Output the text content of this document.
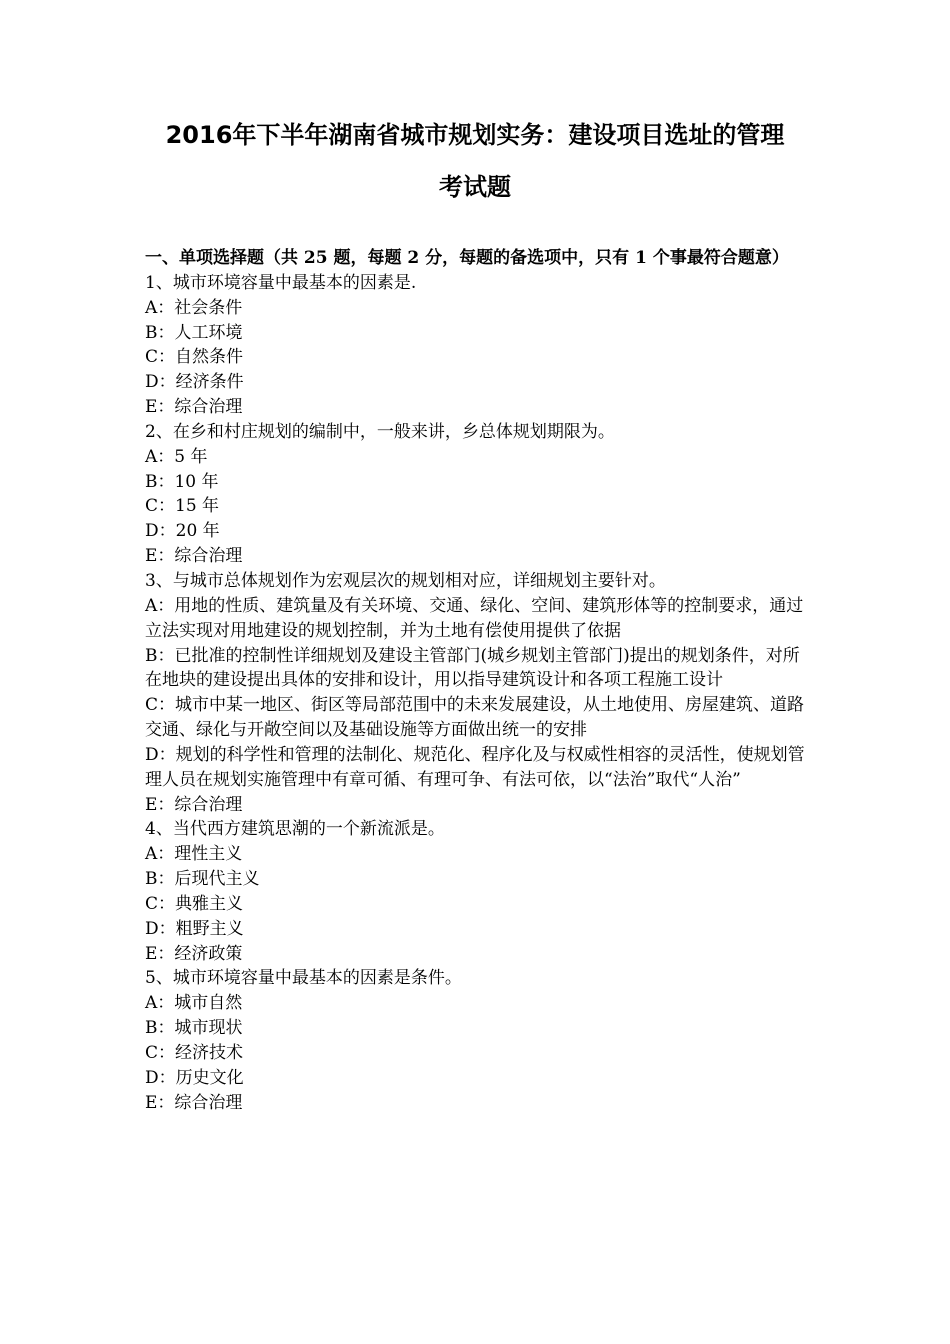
2016年下半年湖南省城市规划实务：建设项目选址的管理
考试题

一、单项选择题（共 25 题，每题 2 分，每题的备选项中，只有 1 个事最符合题意）

1、城市环境容量中最基本的因素是.

A：社会条件

B：人工环境

C：自然条件

D：经济条件

E：综合治理

2、在乡和村庄规划的编制中，一般来讲，乡总体规划期限为。

A：5 年

B：10 年

C：15 年

D：20 年

E：综合治理

3、与城市总体规划作为宏观层次的规划相对应，详细规划主要针对。

A：用地的性质、建筑量及有关环境、交通、绿化、空间、建筑形体等的控制要求，通过立法实现对用地建设的规划控制，并为土地有偿使用提供了依据

B：已批准的控制性详细规划及建设主管部门(城乡规划主管部门)提出的规划条件，对所在地块的建设提出具体的安排和设计，用以指导建筑设计和各项工程施工设计

C：城市中某一地区、街区等局部范围中的未来发展建设，从土地使用、房屋建筑、道路交通、绿化与开敞空间以及基础设施等方面做出统一的安排

D：规划的科学性和管理的法制化、规范化、程序化及与权威性相容的灵活性，使规划管理人员在规划实施管理中有章可循、有理可争、有法可依，以“法治”取代“人治”

E：综合治理

4、当代西方建筑思潮的一个新流派是。

A：理性主义

B：后现代主义

C：典雅主义

D：粗野主义

E：经济政策

5、城市环境容量中最基本的因素是条件。

A：城市自然

B：城市现状

C：经济技术

D：历史文化

E：综合治理
